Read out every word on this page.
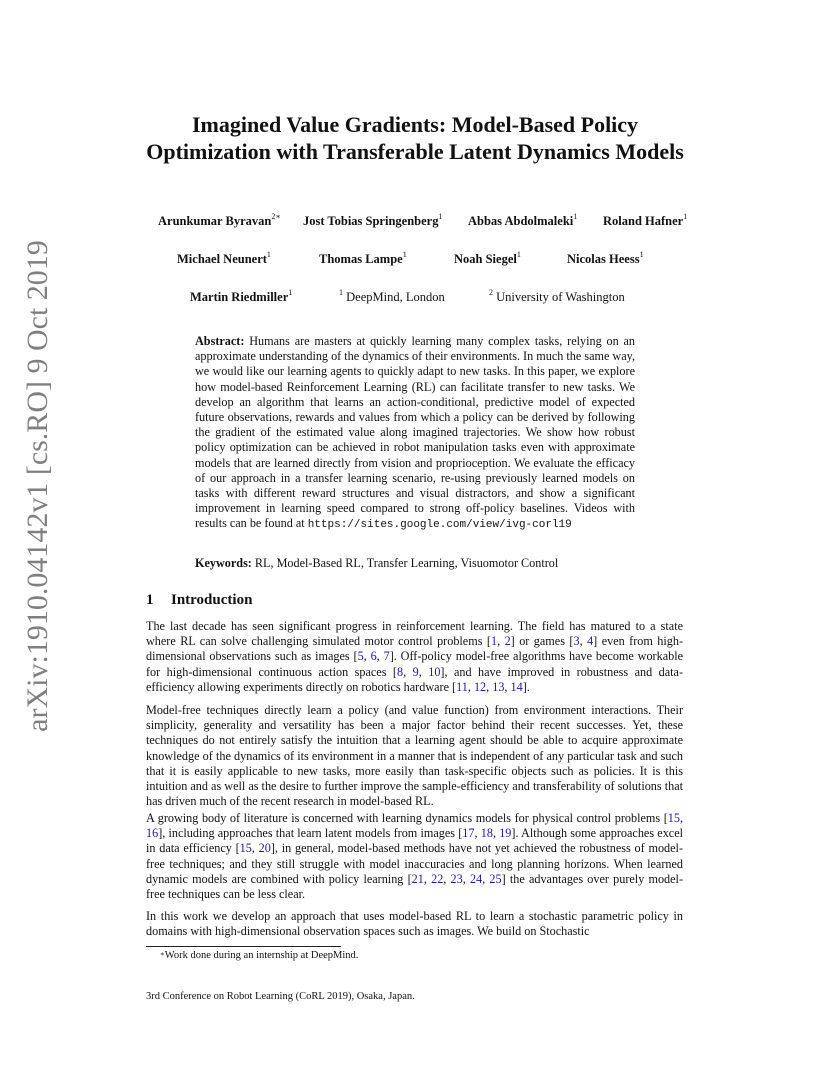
arXiv:1910.04142v1 [cs.RO] 9 Oct 2019
Imagined Value Gradients: Model-Based Policy Optimization with Transferable Latent Dynamics Models
Arunkumar Byravan$^{2∗}$ Jost Tobias Springenberg$^1$ Abbas Abdolmaleki$^1$ Roland Hafner$^1$
Michael Neunert$^1$	Thomas Lampe$^1$	Noah Siegel$^1$	Nicolas Heess$^1$
Martin Riedmiller$^1$	$^1$ DeepMind, London	$^2$ University of Washington
Abstract: Humans are masters at quickly learning many complex tasks, relying on an approximate understanding of the dynamics of their environments. In much the same way, we would like our learning agents to quickly adapt to new tasks. In this paper, we explore how model-based Reinforcement Learning (RL) can facilitate transfer to new tasks. We develop an algorithm that learns an action-conditional, predictive model of expected future observations, rewards and values from which a policy can be derived by following the gradient of the estimated value along imagined trajectories. We show how robust policy optimization can be achieved in robot manipulation tasks even with approximate models that are learned directly from vision and proprioception. We evaluate the efficacy of our approach in a transfer learning scenario, re-using previously learned models on tasks with different reward structures and visual distractors, and show a significant improvement in learning speed compared to strong off-policy baselines. Videos with results can be found at https://sites.google.com/view/ivg-corl19
Keywords: RL, Model-Based RL, Transfer Learning, Visuomotor Control
1 Introduction
The last decade has seen significant progress in reinforcement learning. The field has matured to a state where RL can solve challenging simulated motor control problems [1, 2] or games [3, 4] even from high-dimensional observations such as images [5, 6, 7]. Off-policy model-free algorithms have become workable for high-dimensional continuous action spaces [8, 9, 10], and have improved in robustness and data-efficiency allowing experiments directly on robotics hardware [11, 12, 13, 14].
Model-free techniques directly learn a policy (and value function) from environment interactions. Their simplicity, generality and versatility has been a major factor behind their recent successes. Yet, these techniques do not entirely satisfy the intuition that a learning agent should be able to acquire approximate knowledge of the dynamics of its environment in a manner that is independent of any particular task and such that it is easily applicable to new tasks, more easily than task-specific objects such as policies. It is this intuition and as well as the desire to further improve the sample-efficiency and transferability of solutions that has driven much of the recent research in model-based RL.
A growing body of literature is concerned with learning dynamics models for physical control problems [15, 16], including approaches that learn latent models from images [17, 18, 19]. Although some approaches excel in data efficiency [15, 20], in general, model-based methods have not yet achieved the robustness of model-free techniques; and they still struggle with model inaccuracies and long planning horizons. When learned dynamic models are combined with policy learning [21, 22, 23, 24, 25] the advantages over purely model-free techniques can be less clear.
In this work we develop an approach that uses model-based RL to learn a stochastic parametric policy in domains with high-dimensional observation spaces such as images. We build on Stochastic
∗Work done during an internship at DeepMind.
3rd Conference on Robot Learning (CoRL 2019), Osaka, Japan.
